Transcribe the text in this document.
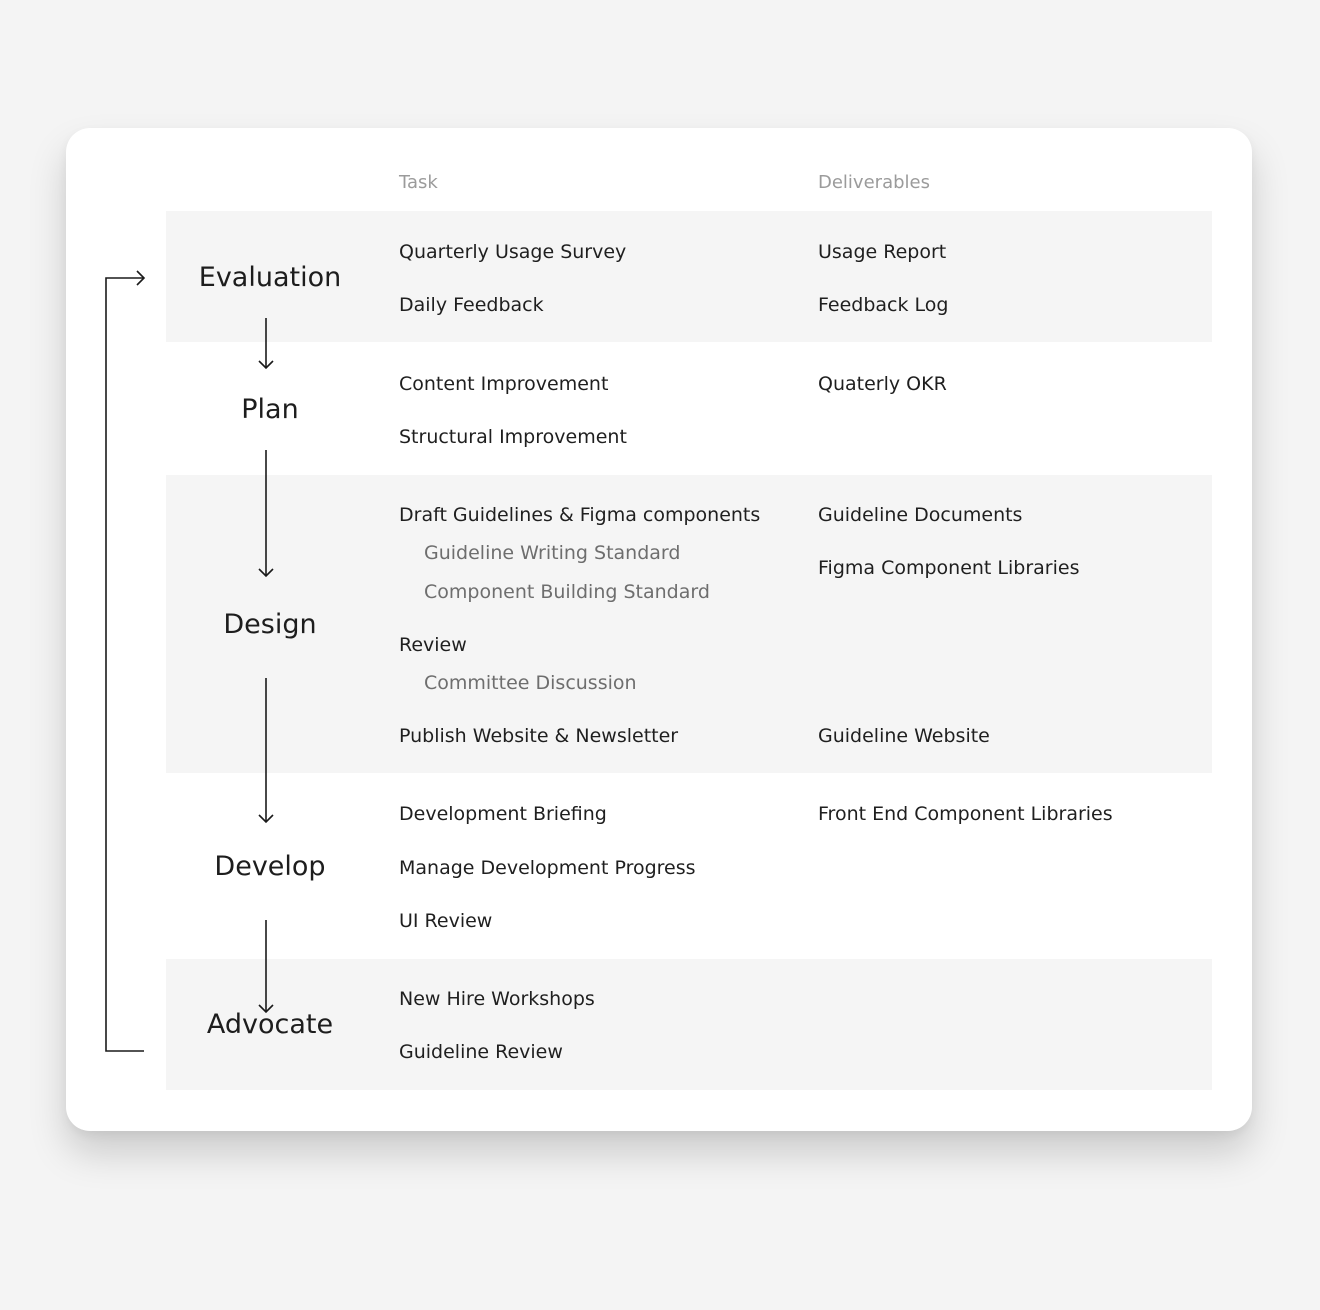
Task	Deliverables
Evaluation
Plan
Design
Develop
Advocate
Quarterly Usage Survey
Daily Feedback
Usage Report
Feedback Log
Content Improvement
Structural Improvement
Quaterly OKR
Draft Guidelines & Figma components
Guideline Writing Standard
Component Building Standard
Review
Committee Discussion
Publish Website & Newsletter
Guideline Documents
Figma Component Libraries
Guideline Website
Development Briefing
Manage Development Progress
UI Review
Front End Component Libraries
New Hire Workshops
Guideline Review
